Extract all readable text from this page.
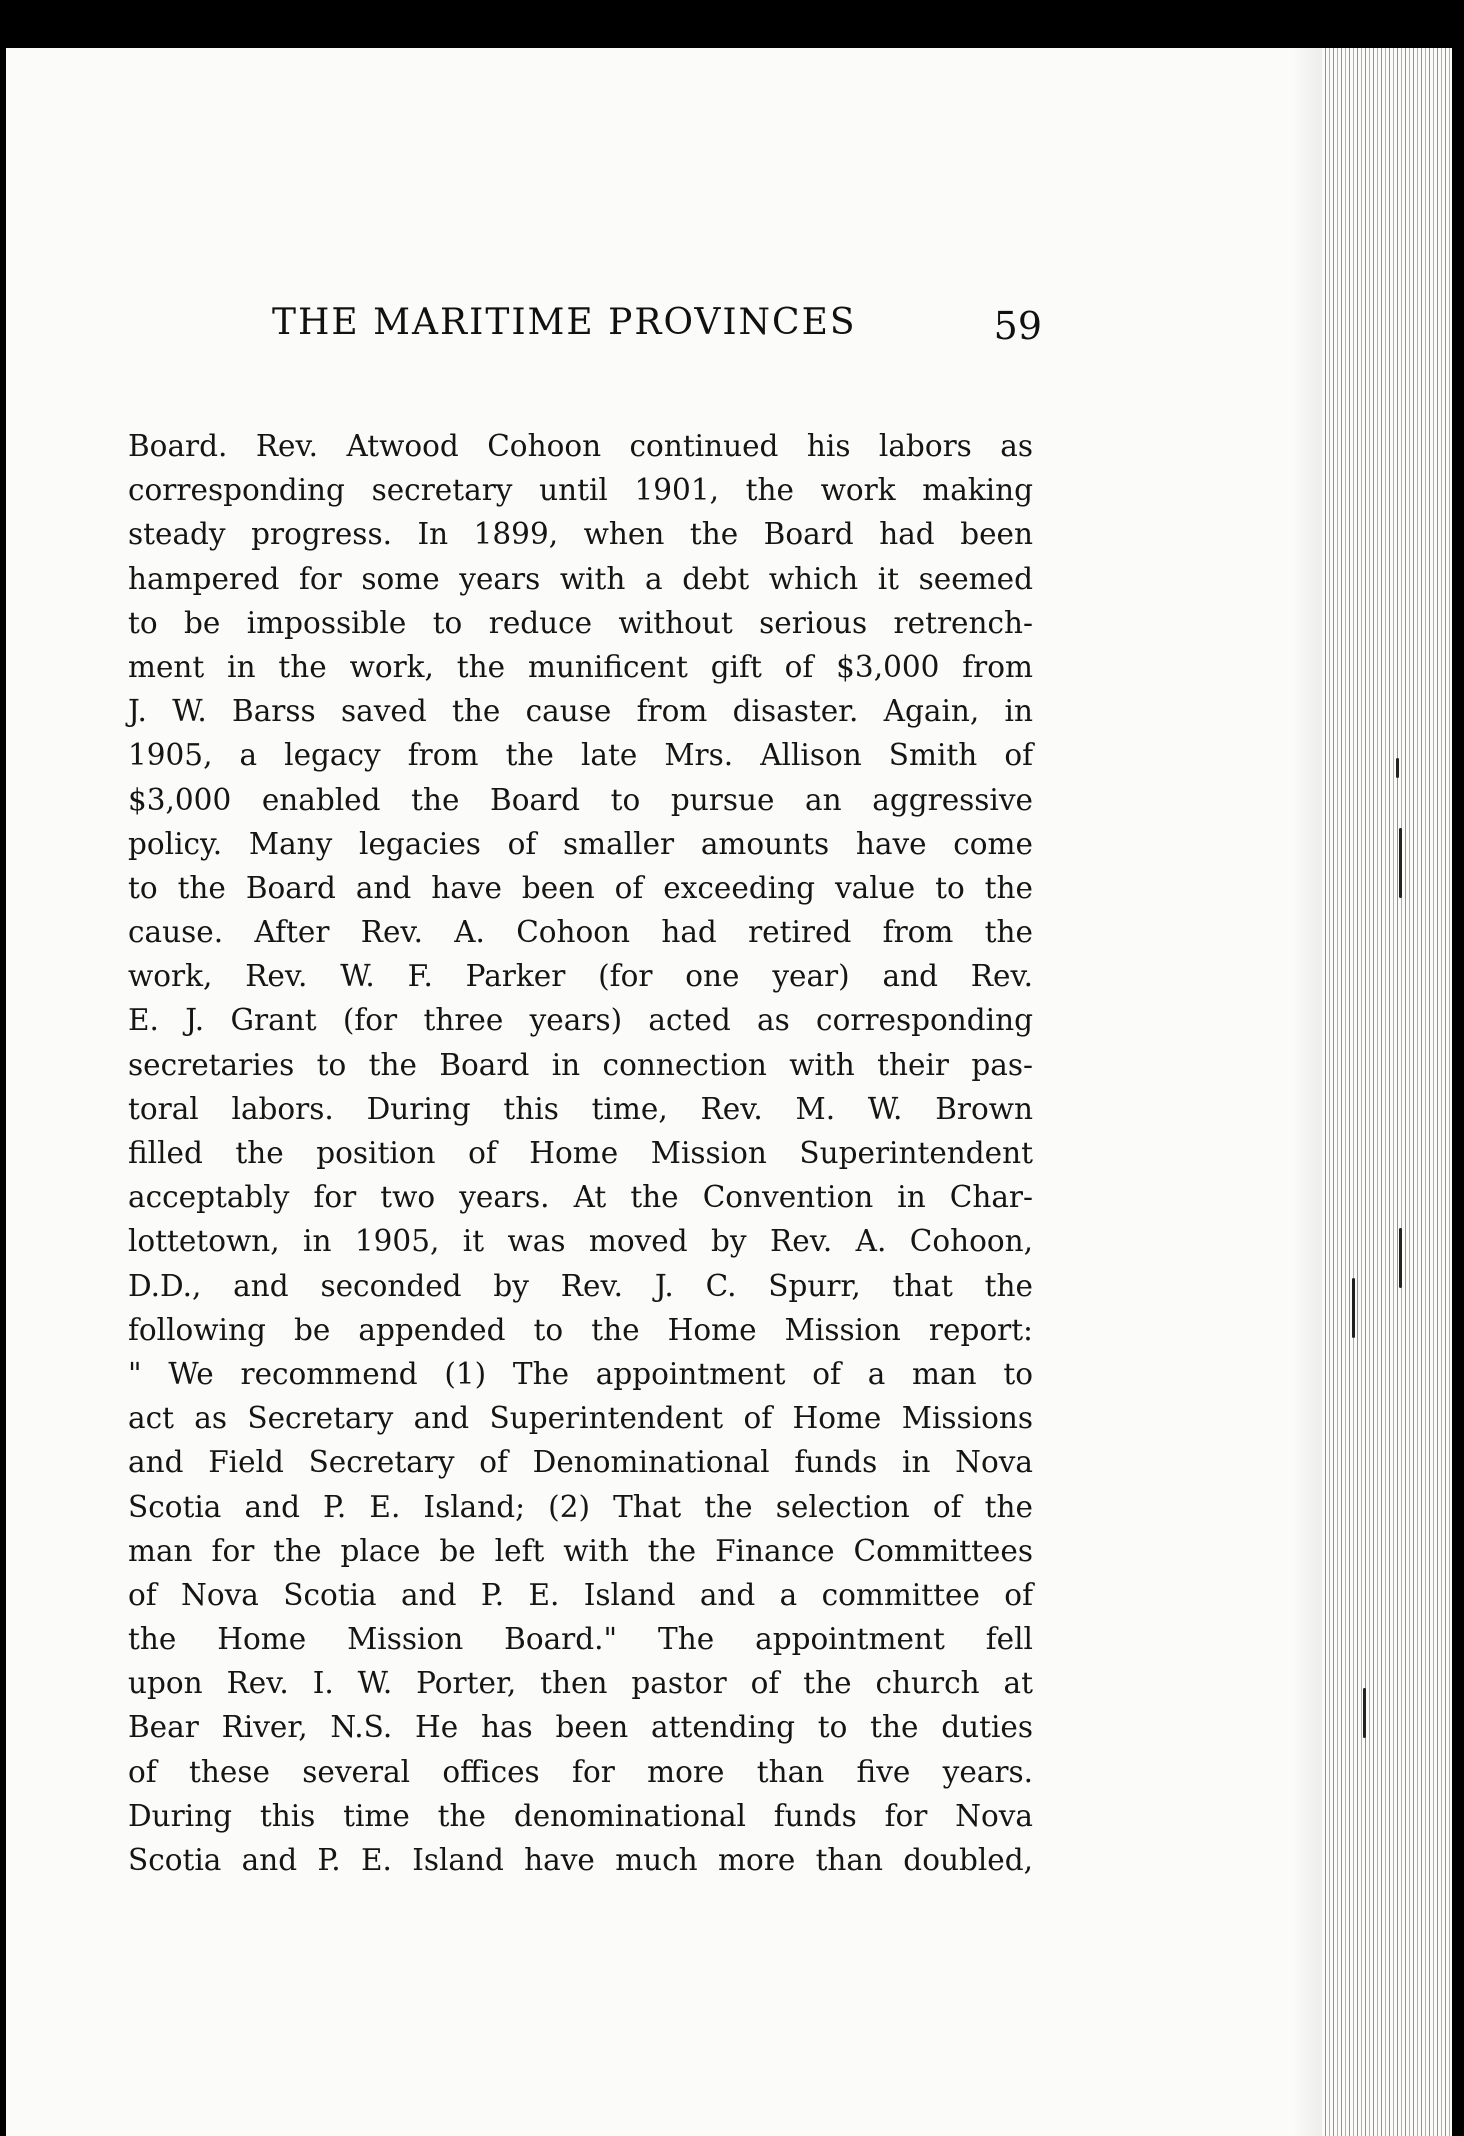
THE MARITIME PROVINCES	59
Board. Rev. Atwood Cohoon continued his labors as
corresponding secretary until 1901, the work making
steady progress. In 1899, when the Board had been
hampered for some years with a debt which it seemed
to be impossible to reduce without serious retrench-
ment in the work, the munificent gift of $3,000 from
J. W. Barss saved the cause from disaster. Again, in
1905, a legacy from the late Mrs. Allison Smith of
$3,000 enabled the Board to pursue an aggressive
policy. Many legacies of smaller amounts have come
to the Board and have been of exceeding value to the
cause. After Rev. A. Cohoon had retired from the
work, Rev. W. F. Parker (for one year) and Rev.
E. J. Grant (for three years) acted as corresponding
secretaries to the Board in connection with their pas-
toral labors. During this time, Rev. M. W. Brown
filled the position of Home Mission Superintendent
acceptably for two years. At the Convention in Char-
lottetown, in 1905, it was moved by Rev. A. Cohoon,
D.D., and seconded by Rev. J. C. Spurr, that the
following be appended to the Home Mission report:
" We recommend (1) The appointment of a man to
act as Secretary and Superintendent of Home Missions
and Field Secretary of Denominational funds in Nova
Scotia and P. E. Island; (2) That the selection of the
man for the place be left with the Finance Committees
of Nova Scotia and P. E. Island and a committee of
the Home Mission Board." The appointment fell
upon Rev. I. W. Porter, then pastor of the church at
Bear River, N.S. He has been attending to the duties
of these several offices for more than five years.
During this time the denominational funds for Nova
Scotia and P. E. Island have much more than doubled,
